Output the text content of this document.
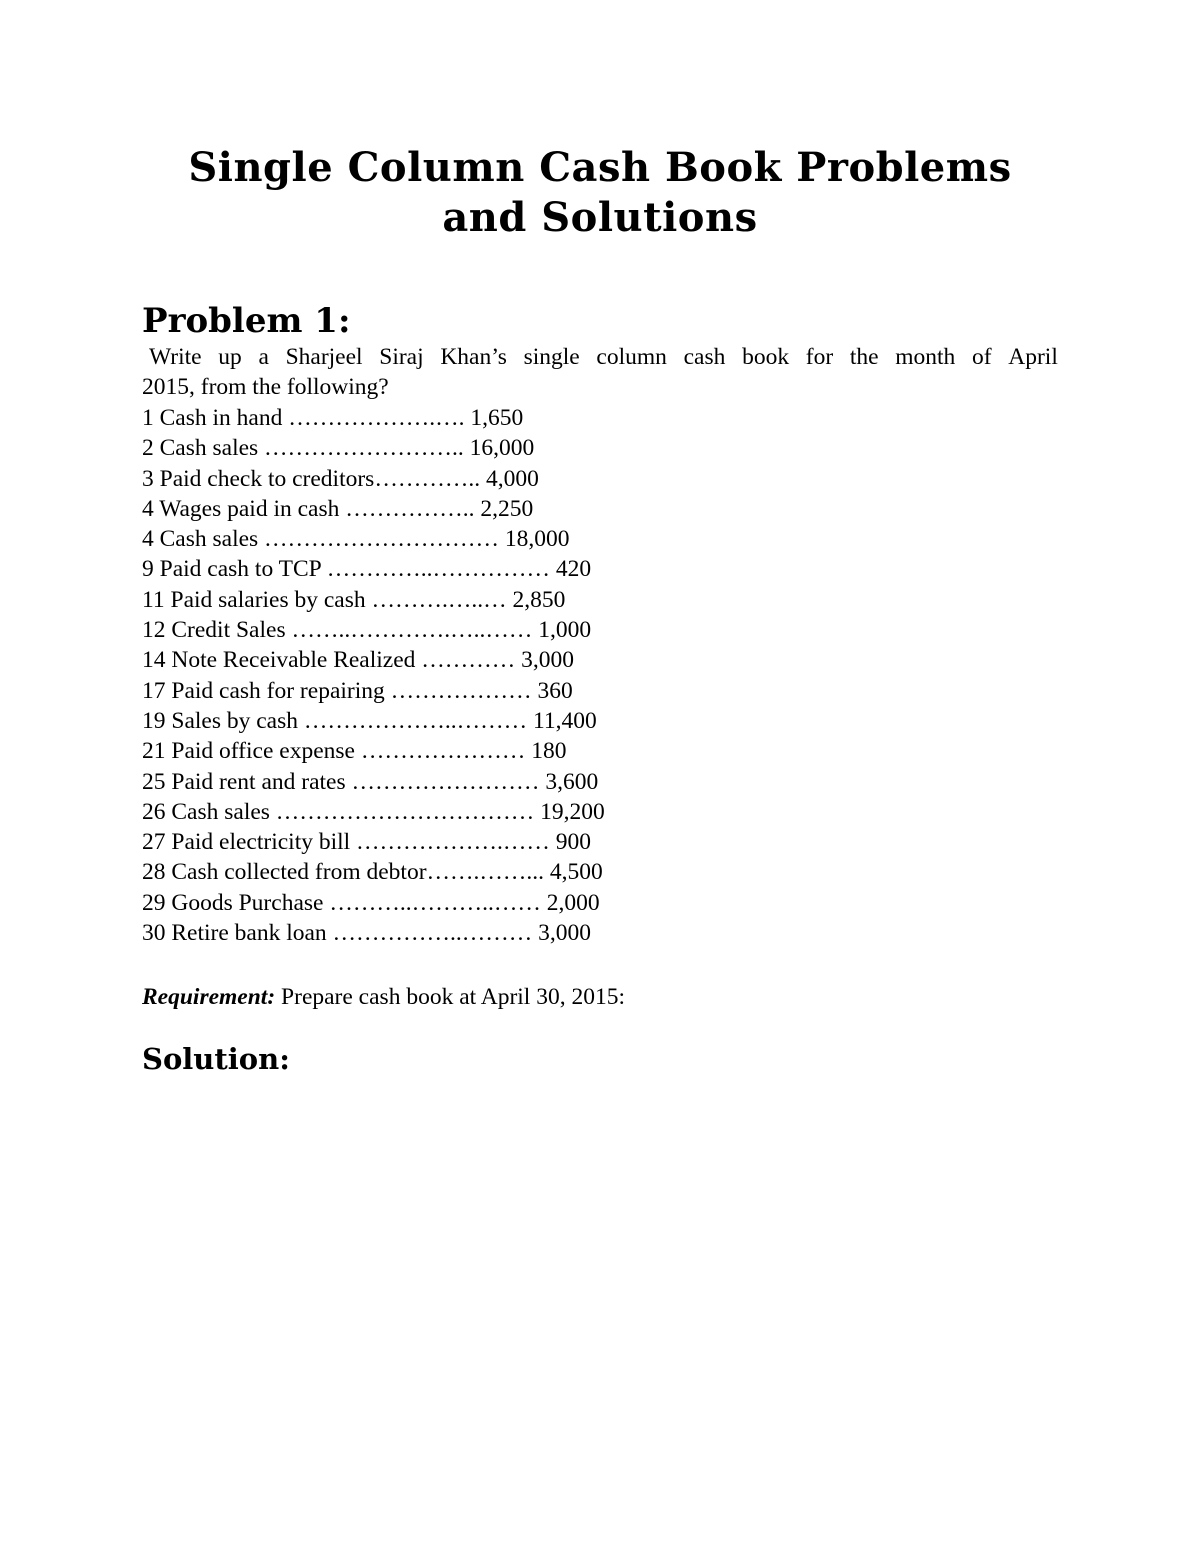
Single Column Cash Book Problems
and Solutions
Problem 1:
Write up a Sharjeel Siraj Khan’s single column cash book for the month of April
2015, from the following?
1 Cash in hand ……………….…. 1,650
2 Cash sales …………………….. 16,000
3 Paid check to creditors………….. 4,000
4 Wages paid in cash …………….. 2,250
4 Cash sales ………………………… 18,000
9 Paid cash to TCP …………..…………… 420
11 Paid salaries by cash ……….…..… 2,850
12 Credit Sales ……..………….…..…… 1,000
14 Note Receivable Realized ………… 3,000
17 Paid cash for repairing ……………… 360
19 Sales by cash ………………..……… 11,400
21 Paid office expense ………………… 180
25 Paid rent and rates …………………… 3,600
26 Cash sales …………………………… 19,200
27 Paid electricity bill ……………….…… 900
28 Cash collected from debtor…….……... 4,500
29 Goods Purchase ………..………..…… 2,000
30 Retire bank loan ……………..……… 3,000
Requirement: Prepare cash book at April 30, 2015:
Solution:
